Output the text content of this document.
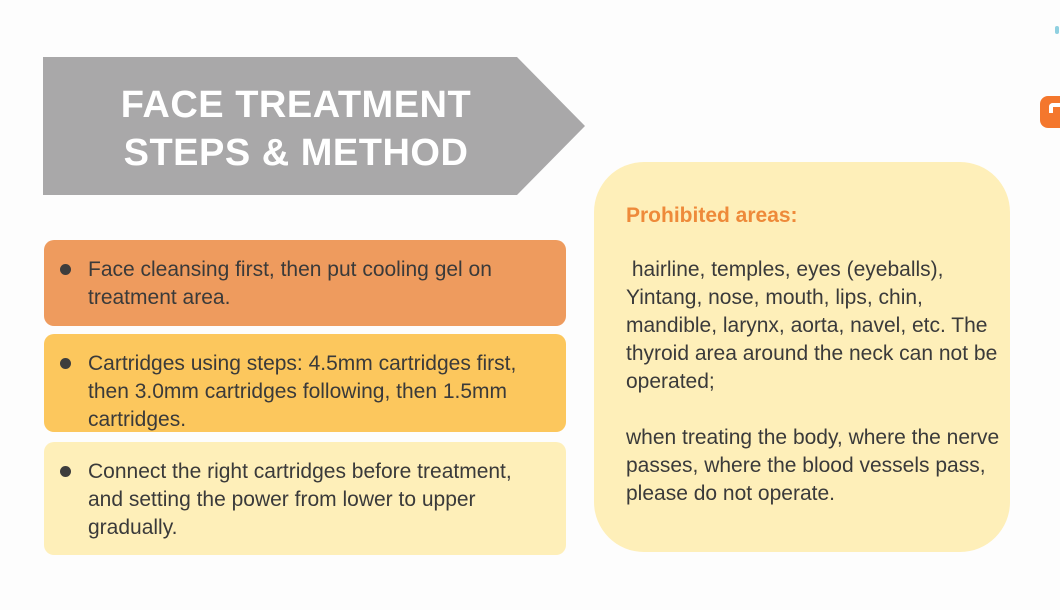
FACE TREATMENT
STEPS & METHOD
Face cleansing first, then put cooling gel on treatment area.
Cartridges using steps: 4.5mm cartridges first, then 3.0mm cartridges following, then 1.5mm cartridges.
Connect the right cartridges before treatment, and setting the power from lower to upper gradually.
Prohibited areas:

hairline, temples, eyes (eyeballs), Yintang, nose, mouth, lips, chin, mandible, larynx, aorta, navel, etc. The thyroid area around the neck can not be operated;

when treating the body, where the nerve passes, where the blood vessels pass, please do not operate.
